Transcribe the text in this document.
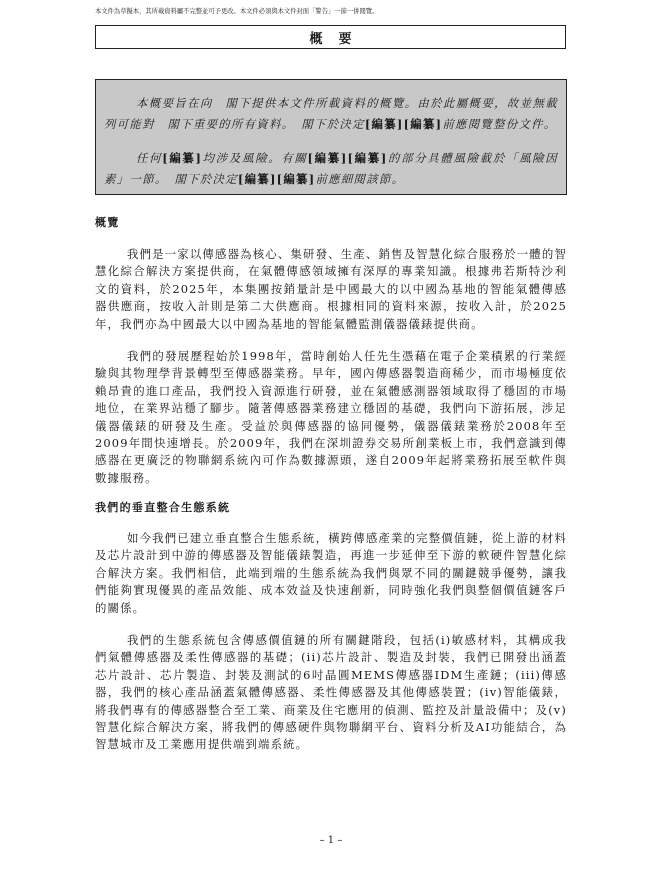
本文件為草擬本，其所載資料屬不完整並可予更改。本文件必須與本文件封面「警告」一節一併閱覽。
概要

本概要旨在向　閣下提供本文件所載資料的概覽。由於此屬概要，故並無載列可能對　閣下重要的所有資料。　閣下於決定[編纂][編纂]前應閱覽整份文件。

任何[編纂]均涉及風險。有關[編纂][編纂]的部分具體風險載於「風險因素」一節。　閣下於決定[編纂][編纂]前應細閱該節。

概覽

我們是一家以傳感器為核心、集研發、生產、銷售及智慧化綜合服務於一體的智慧化綜合解決方案提供商，在氣體傳感領域擁有深厚的專業知識。根據弗若斯特沙利文的資料，於2025年，本集團按銷量計是中國最大的以中國為基地的智能氣體傳感器供應商，按收入計則是第二大供應商。根據相同的資料來源，按收入計，於2025年，我們亦為中國最大以中國為基地的智能氣體監測儀器儀錶提供商。

我們的發展歷程始於1998年，當時創始人任先生憑藉在電子企業積累的行業經驗與其物理學背景轉型至傳感器業務。早年，國內傳感器製造商稀少，而市場極度依賴昂貴的進口產品，我們投入資源進行研發，並在氣體感測器領域取得了穩固的市場地位，在業界站穩了腳步。隨著傳感器業務建立穩固的基礎，我們向下游拓展，涉足儀器儀錶的研發及生產。受益於與傳感器的協同優勢，儀器儀錶業務於2008年至2009年間快速增長。於2009年，我們在深圳證券交易所創業板上市，我們意識到傳感器在更廣泛的物聯網系統內可作為數據源頭，遂自2009年起將業務拓展至軟件與數據服務。

我們的垂直整合生態系統

如今我們已建立垂直整合生態系統，橫跨傳感產業的完整價值鏈，從上游的材料及芯片設計到中游的傳感器及智能儀錶製造，再進一步延伸至下游的軟硬件智慧化綜合解決方案。我們相信，此端到端的生態系統為我們與眾不同的關鍵競爭優勢，讓我們能夠實現優異的產品效能、成本效益及快速創新，同時強化我們與整個價值鏈客戶的關係。

我們的生態系統包含傳感價值鏈的所有關鍵階段，包括(i)敏感材料，其構成我們氣體傳感器及柔性傳感器的基礎；(ii)芯片設計、製造及封裝，我們已開發出涵蓋芯片設計、芯片製造、封裝及測試的6吋晶圓MEMS傳感器IDM生產鏈；(iii)傳感器，我們的核心產品涵蓋氣體傳感器、柔性傳感器及其他傳感裝置；(iv)智能儀錶，將我們專有的傳感器整合至工業、商業及住宅應用的偵測、監控及計量設備中；及(v)智慧化綜合解決方案，將我們的傳感硬件與物聯網平台、資料分析及AI功能結合，為智慧城市及工業應用提供端到端系統。

– 1 –
